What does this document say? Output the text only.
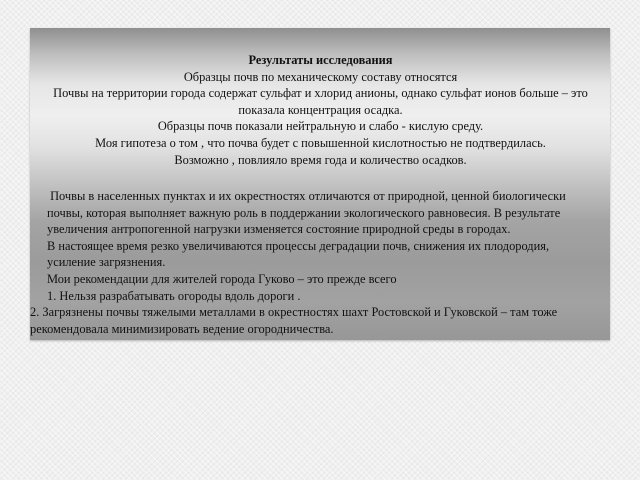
Результаты исследования
Образцы почв по механическому составу относятся
Почвы на территории города содержат сульфат и хлорид анионы, однако сульфат ионов больше – это показала концентрация осадка.
Образцы почв показали нейтральную и слабо - кислую среду.
Моя гипотеза о том , что почва будет с повышенной кислотностью не подтвердилась.
Возможно , повлияло время года и количество осадков.
Почвы в населенных пунктах и их окрестностях отличаются от природной, ценной биологически почвы, которая выполняет важную роль в поддержании экологического равновесия. В результате увеличения антропогенной нагрузки изменяется состояние природной среды в городах.
В настоящее время резко увеличиваются процессы деградации почв, снижения их плодородия, усиление загрязнения.
Мои рекомендации для жителей города Гуково – это прежде всего
1. Нельзя разрабатывать огороды вдоль дороги .
2. Загрязнены почвы тяжелыми металлами в окрестностях шахт Ростовской и Гуковской – там тоже рекомендовала минимизировать ведение огородничества.
